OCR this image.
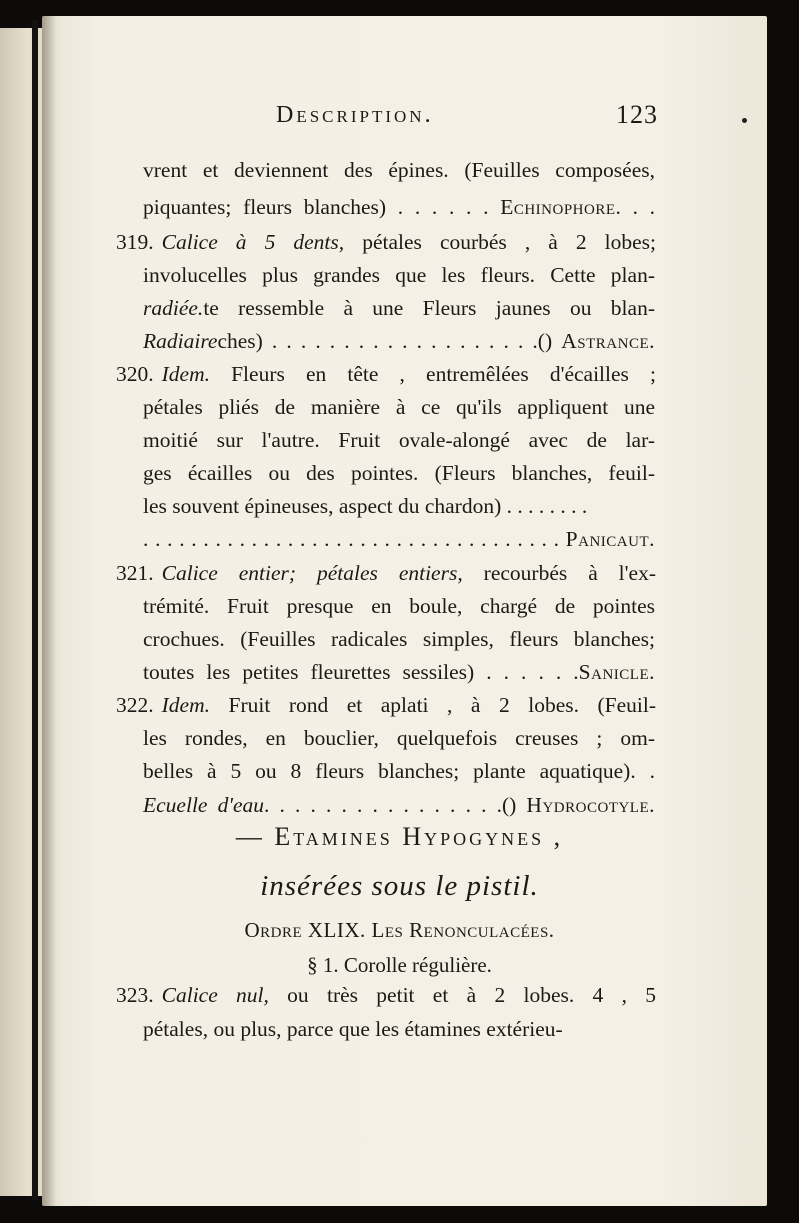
Description.	123
vrent et deviennent des épines. (Feuilles composées,
piquantes; fleurs blanches) . . . . . . Echinophore. . .
319. Calice à 5 dents, pétales courbés , à 2 lobes;
involucelles plus grandes que les fleurs. Cette plan-
radiée.te ressemble à une Fleurs jaunes ou blan-
Radiaireches) . . . . . . . . . . . . . . . . . . .() Astrance.
320. Idem. Fleurs en tête , entremêlées d'écailles ;
pétales pliés de manière à ce qu'ils appliquent une
moitié sur l'autre. Fruit ovale-alongé avec de lar-
ges écailles ou des pointes. (Fleurs blanches, feuil-
les souvent épineuses, aspect du chardon) . . . . . . . .
. . . . . . . . . . . . . . . . . . . . . . . . . . . . . . . . . . . Panicaut.
321. Calice entier; pétales entiers, recourbés à l'ex-
trémité. Fruit presque en boule, chargé de pointes
crochues. (Feuilles radicales simples, fleurs blanches;
toutes les petites fleurettes sessiles) . . . . . .Sanicle.
322. Idem. Fruit rond et aplati , à 2 lobes. (Feuil-
les rondes, en bouclier, quelquefois creuses ; om-
belles à 5 ou 8 fleurs blanches; plante aquatique). .
Ecuelle d'eau. . . . . . . . . . . . . . . .() Hydrocotyle.
323. Calice nul, ou très petit et à 2 lobes. 4 , 5
pétales, ou plus, parce que les étamines extérieu-
— Etamines Hypogynes ,
insérées sous le pistil.
Ordre XLIX. Les Renonculacées.
§ 1. Corolle régulière.
